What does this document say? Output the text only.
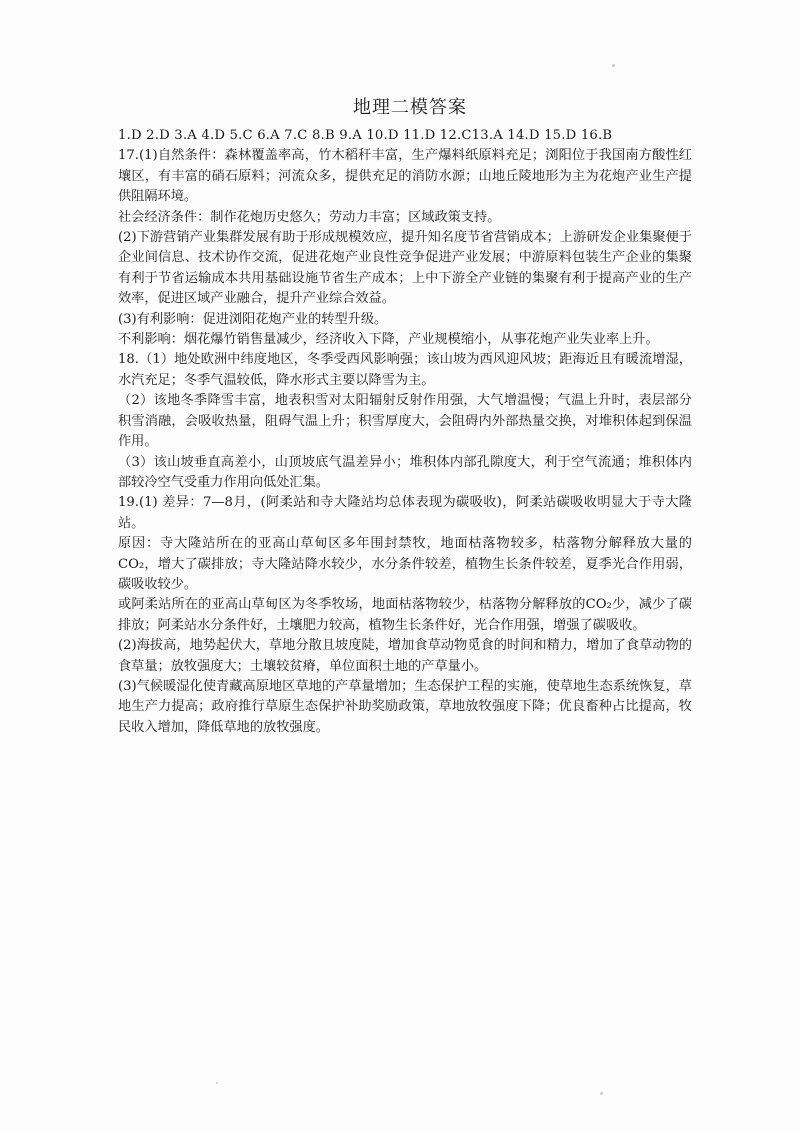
地理二模答案

1.D 2.D 3.A 4.D 5.C 6.A 7.C 8.B 9.A 10.D 11.D 12.C13.A 14.D 15.D 16.B

17.(1)自然条件：森林覆盖率高，竹木稻秆丰富，生产爆料纸原料充足；浏阳位于我国南方酸性红壤区，有丰富的硝石原料；河流众多，提供充足的消防水源；山地丘陵地形为主为花炮产业生产提供阻隔环境。

社会经济条件：制作花炮历史悠久；劳动力丰富；区域政策支持。

(2)下游营销产业集群发展有助于形成规模效应，提升知名度节省营销成本；上游研发企业集聚便于企业间信息、技术协作交流，促进花炮产业良性竞争促进产业发展；中游原料包装生产企业的集聚有利于节省运输成本共用基础设施节省生产成本；上中下游全产业链的集聚有利于提高产业的生产效率，促进区域产业融合，提升产业综合效益。

(3)有利影响：促进浏阳花炮产业的转型升级。

不利影响：烟花爆竹销售量减少，经济收入下降，产业规模缩小，从事花炮产业失业率上升。

18.（1）地处欧洲中纬度地区，冬季受西风影响强；该山坡为西风迎风坡；距海近且有暖流增湿，水汽充足；冬季气温较低，降水形式主要以降雪为主。

（2）该地冬季降雪丰富，地表积雪对太阳辐射反射作用强，大气增温慢；气温上升时，表层部分积雪消融，会吸收热量，阻碍气温上升；积雪厚度大，会阻碍内外部热量交换，对堆积体起到保温作用。

（3）该山坡垂直高差小，山顶坡底气温差异小；堆积体内部孔隙度大，利于空气流通；堆积体内部较冷空气受重力作用向低处汇集。

19.(1) 差异：7—8月，(阿柔站和寺大隆站均总体表现为碳吸收)，阿柔站碳吸收明显大于寺大隆站。

原因：寺大隆站所在的亚高山草甸区多年围封禁牧，地面枯落物较多，枯落物分解释放大量的CO₂，增大了碳排放；寺大隆站降水较少，水分条件较差，植物生长条件较差，夏季光合作用弱，碳吸收较少。

或阿柔站所在的亚高山草甸区为冬季牧场，地面枯落物较少，枯落物分解释放的CO₂少，减少了碳排放；阿柔站水分条件好，土壤肥力较高，植物生长条件好，光合作用强，增强了碳吸收。

(2)海拔高，地势起伏大，草地分散且坡度陡，增加食草动物觅食的时间和精力，增加了食草动物的食草量；放牧强度大；土壤较贫瘠，单位面积土地的产草量小。

(3)气候暖湿化使青藏高原地区草地的产草量增加；生态保护工程的实施，使草地生态系统恢复，草地生产力提高；政府推行草原生态保护补助奖励政策，草地放牧强度下降；优良畜种占比提高，牧民收入增加，降低草地的放牧强度。
